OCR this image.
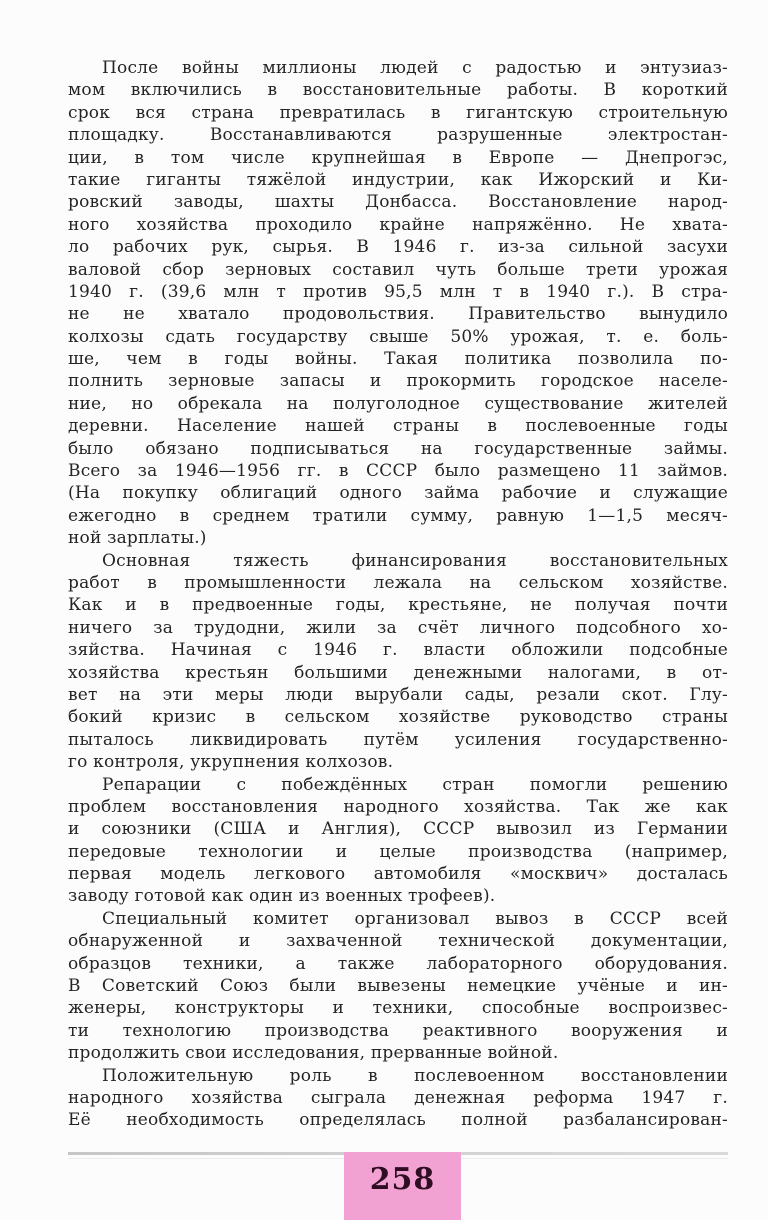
После войны миллионы людей с радостью и энтузиаз-
мом включились в восстановительные работы. В короткий
срок вся страна превратилась в гигантскую строительную
площадку. Восстанавливаются разрушенные электростан-
ции, в том числе крупнейшая в Европе — Днепрогэс,
такие гиганты тяжёлой индустрии, как Ижорский и Ки-
ровский заводы, шахты Донбасса. Восстановление народ-
ного хозяйства проходило крайне напряжённо. Не хвата-
ло рабочих рук, сырья. В 1946 г. из-за сильной засухи
валовой сбор зерновых составил чуть больше трети урожая
1940 г. (39,6 млн т против 95,5 млн т в 1940 г.). В стра-
не не хватало продовольствия. Правительство вынудило
колхозы сдать государству свыше 50% урожая, т. е. боль-
ше, чем в годы войны. Такая политика позволила по-
полнить зерновые запасы и прокормить городское населе-
ние, но обрекала на полуголодное существование жителей
деревни. Население нашей страны в послевоенные годы
было обязано подписываться на государственные займы.
Всего за 1946—1956 гг. в СССР было размещено 11 займов.
(На покупку облигаций одного займа рабочие и служащие
ежегодно в среднем тратили сумму, равную 1—1,5 месяч-
ной зарплаты.)
Основная тяжесть финансирования восстановительных
работ в промышленности лежала на сельском хозяйстве.
Как и в предвоенные годы, крестьяне, не получая почти
ничего за трудодни, жили за счёт личного подсобного хо-
зяйства. Начиная с 1946 г. власти обложили подсобные
хозяйства крестьян большими денежными налогами, в от-
вет на эти меры люди вырубали сады, резали скот. Глу-
бокий кризис в сельском хозяйстве руководство страны
пыталось ликвидировать путём усиления государственно-
го контроля, укрупнения колхозов.
Репарации с побеждённых стран помогли решению
проблем восстановления народного хозяйства. Так же как
и союзники (США и Англия), СССР вывозил из Германии
передовые технологии и целые производства (например,
первая модель легкового автомобиля «москвич» досталась
заводу готовой как один из военных трофеев).
Специальный комитет организовал вывоз в СССР всей
обнаруженной и захваченной технической документации,
образцов техники, а также лабораторного оборудования.
В Советский Союз были вывезены немецкие учёные и ин-
женеры, конструкторы и техники, способные воспроизвес-
ти технологию производства реактивного вооружения и
продолжить свои исследования, прерванные войной.
Положительную роль в послевоенном восстановлении
народного хозяйства сыграла денежная реформа 1947 г.
Её необходимость определялась полной разбалансирован-
258
